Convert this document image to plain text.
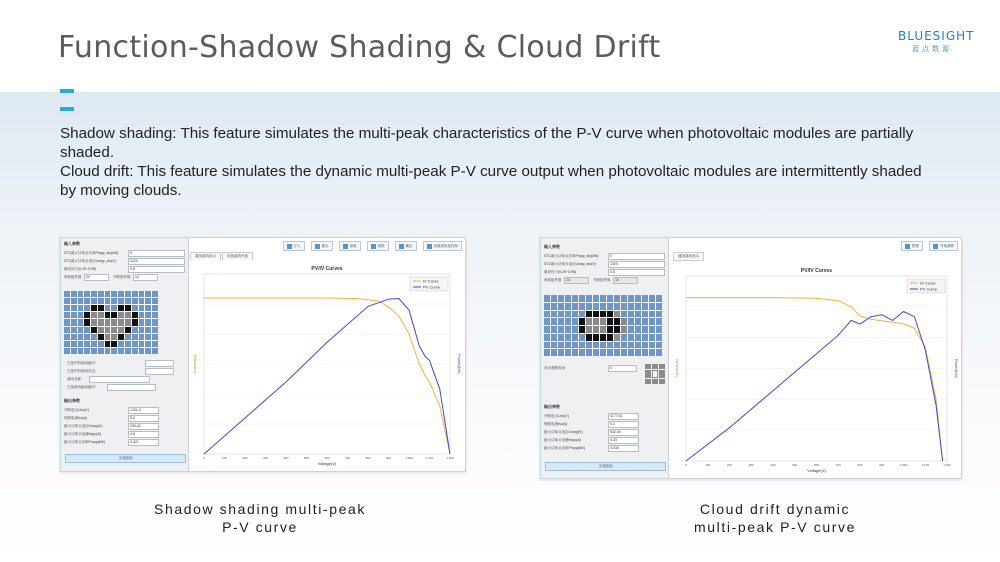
Function-Shadow Shading & Cloud Drift	BLUESIGHT
蓝点数源

Shadow shading: This feature simulates the multi-peak characteristics of the P-V curve when photovoltaic modules are partially shaded.

Cloud drift: This feature simulates the dynamic multi-peak P-V curve output when photovoltaic modules are intermittently shaded by moving clouds.

输入参数
STC最大功率点功率Pmpp_stc(kW)	5
STC最大功率点电压Umpp_stc(V)	1020
填充因子(0.25~0.95)	0.8
串联组件数	20	并联组件数	10
已选中的曲线编号:
已选中的曲线状态:
曲线名称:
已选曲线最高编号:
输出参数
开路电压Uoc(V)	1201.3
短路电流Isc(A)	5.2
最大功率点电压Umpp(V)	939.42
最大功率点电流Impp(A)	4.6
最大功率点功率Pmpp(kW)	4.321
生成曲线
写入	插出	加载	清除	确定	切换到设备控制
通用曲线视示	设备曲线列表
PV/IV Curves
0	100	200	300	400	500	600	700	800	900	1,000	1,100	1,200
Voltage(V)
Current(A)	Power(kW)
IV Curve
PV Curve
输入参数
STC最大功率点功率Pmpp_stc(kW)	5
STC最大功率点电压Umpp_stc(V)	1000
填充因子(0.25~0.95)	0.8
串联组件数	20	并联组件数	10
单步漂移时间	5
输出参数
开路电压Uoc(V)	1177.51
短路电流Isc(A)	5.3
最大功率点电压Umpp(V)	932.59
最大功率点电流Impp(A)	4.33
最大功率点功率Pmpp(kW)	4.038
生成曲线
暂停	开始漂移
通用曲线视示
PV/IV Curves
0	100	200	300	400	500	600	700	800	900	1,000	1,100	1,200
Voltage(V)
Current(A)	Power(kW)
IV Curve
PV Curve
Shadow shading multi-peak
P-V curve
Cloud drift dynamic
multi-peak P-V curve
